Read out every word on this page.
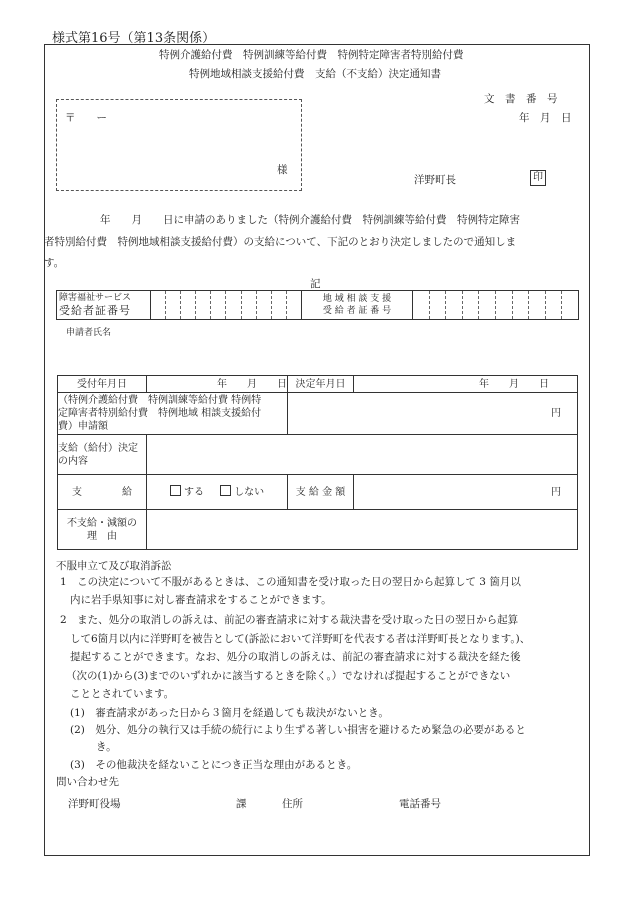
様式第16号（第13条関係）
特例介護給付費　特例訓練等給付費　特例特定障害者特別給付費
特例地域相談支援給付費　支給（不支給）決定通知書
文　書　番　号
年　月　日
〒　　ー
様
洋野町長	印
年　　月　　日に申請のありました（特例介護給付費　特例訓練等給付費　特例特定障害
者特別給付費　特例地域相談支援給付費）の支給について、下記のとおり決定しましたので通知しま
す。
記
障害福祉サービス
受給者証番号

地 域 相 談 支 援
受 給 者 証 番 号

申請者氏名
受付年月日	年　　月　　日	決定年月日	年　　月　　日

（特例介護給付費　特例訓練等給付費 特例特定障害者特別給付費　特例地域 相談支援給付費）申請額		円	
支給（給付）決定の内容			
支　　　　給	する しない	支 給 金 額	円
不支給・減額の　理　由			
不服申立て及び取消訴訟
1　この決定について不服があるときは、この通知書を受け取った日の翌日から起算して 3 箇月以
内に岩手県知事に対し審査請求をすることができます。
2　また、処分の取消しの訴えは、前記の審査請求に対する裁決書を受け取った日の翌日から起算
して6箇月以内に洋野町を被告として(訴訟において洋野町を代表する者は洋野町長となります。)、
提起することができます。なお、処分の取消しの訴えは、前記の審査請求に対する裁決を経た後
（次の(1)から(3)までのいずれかに該当するときを除く。）でなければ提起することができない
こととされています。
(1)　審査請求があった日から３箇月を経過しても裁決がないとき。
(2)　処分、処分の執行又は手続の続行により生ずる著しい損害を避けるため緊急の必要があると
き。
(3)　その他裁決を経ないことにつき正当な理由があるとき。
問い合わせ先
洋野町役場	課	住所	電話番号
